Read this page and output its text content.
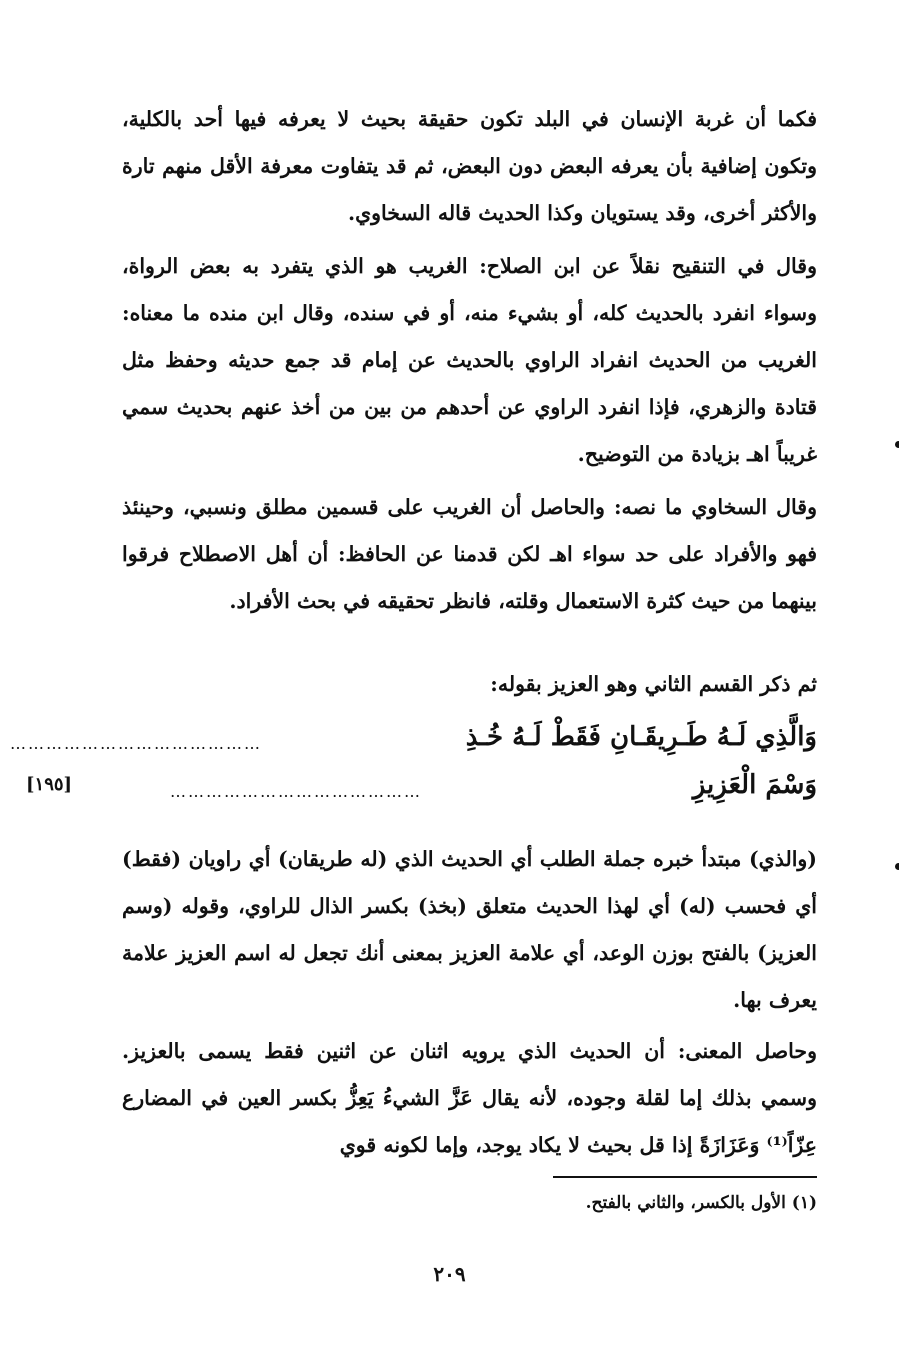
فكما أن غربة الإنسان في البلد تكون حقيقة بحيث لا يعرفه فيها أحد بالكلية، وتكون إضافية بأن يعرفه البعض دون البعض، ثم قد يتفاوت معرفة الأقل منهم تارة والأكثر أخرى، وقد يستويان وكذا الحديث قاله السخاوي.
وقال في التنقيح نقلاً عن ابن الصلاح: الغريب هو الذي يتفرد به بعض الرواة، وسواء انفرد بالحديث كله، أو بشيء منه، أو في سنده، وقال ابن منده ما معناه: الغريب من الحديث انفراد الراوي بالحديث عن إمام قد جمع حديثه وحفظ مثل قتادة والزهري، فإذا انفرد الراوي عن أحدهم من بين من أخذ عنهم بحديث سمي غريباً اهـ بزيادة من التوضيح.
وقال السخاوي ما نصه: والحاصل أن الغريب على قسمين مطلق ونسبي، وحينئذ فهو والأفراد على حد سواء اهـ لكن قدمنا عن الحافظ: أن أهل الاصطلاح فرقوا بينهما من حيث كثرة الاستعمال وقلته، فانظر تحقيقه في بحث الأفراد.
ثم ذكر القسم الثاني وهو العزيز بقوله:
وَالَّذِي لَـهُ طَـرِيقَـانِ فَقَطْ لَـهُ خُـذِ
……………………………………
وَسْمَ الْعَزِيزِ
……………………………………
[١٩٥]
(والذي) مبتدأ خبره جملة الطلب أي الحديث الذي (له طريقان) أي راويان (فقط) أي فحسب (له) أي لهذا الحديث متعلق (بخذ) بكسر الذال للراوي، وقوله (وسم العزيز) بالفتح بوزن الوعد، أي علامة العزيز بمعنى أنك تجعل له اسم العزيز علامة يعرف بها.
وحاصل المعنى: أن الحديث الذي يرويه اثنان عن اثنين فقط يسمى بالعزيز. وسمي بذلك إما لقلة وجوده، لأنه يقال عَزَّ الشيءُ يَعِزُّ بكسر العين في المضارع عِزّاً⁽¹⁾ وَعَزَازَةً إذا قل بحيث لا يكاد يوجد، وإما لكونه قوي
(١) الأول بالكسر، والثاني بالفتح.
٢٠٩
